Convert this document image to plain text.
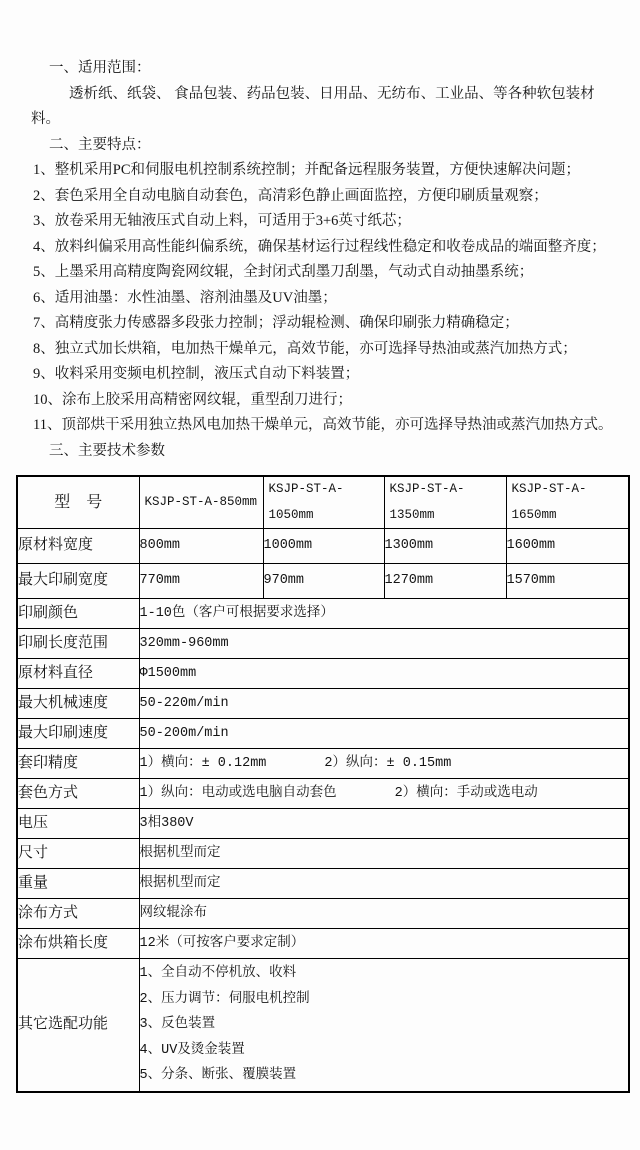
一、适用范围：

透析纸、纸袋、 食品包装、药品包装、日用品、无纺布、工业品、等各种软包装材料。

二、主要特点：
1、整机采用PC和伺服电机控制系统控制；并配备远程服务装置，方便快速解决问题；
2、套色采用全自动电脑自动套色，高清彩色静止画面监控，方便印刷质量观察；
3、放卷采用无轴液压式自动上料，可适用于3+6英寸纸芯；
4、放料纠偏采用高性能纠偏系统，确保基材运行过程线性稳定和收卷成品的端面整齐度；
5、上墨采用高精度陶瓷网纹辊，全封闭式刮墨刀刮墨，气动式自动抽墨系统；
6、适用油墨：水性油墨、溶剂油墨及UV油墨；
7、高精度张力传感器多段张力控制；浮动辊检测、确保印刷张力精确稳定；
8、独立式加长烘箱，电加热干燥单元，高效节能，亦可选择导热油或蒸汽加热方式；
9、收料采用变频电机控制，液压式自动下料装置；
10、涂布上胶采用高精密网纹辊，重型刮刀进行；
11、顶部烘干采用独立热风电加热干燥单元，高效节能，亦可选择导热油或蒸汽加热方式。
三、主要技术参数
型　号	KSJP-ST-A-850mm	KSJP-ST-A-1050mm	KSJP-ST-A-1350mm	KSJP-ST-A-1650mm
原材料宽度	800mm	1000mm	1300mm	1600mm
最大印刷宽度	770mm	970mm	1270mm	1570mm
印刷颜色	1-10色（客户可根据要求选择）			
印刷长度范围	320mm-960mm			
原材料直径	Φ1500mm			
最大机械速度	50-220m/min			
最大印刷速度	50-200m/min			
套印精度	1）横向：± 0.12mm 2）纵向：± 0.15mm			
套色方式	1）纵向：电动或选电脑自动套色 2）横向：手动或选电动			
电压	3相380V			
尺寸	根据机型而定			
重量	根据机型而定			
涂布方式	网纹辊涂布			
涂布烘箱长度	12米（可按客户要求定制）			
其它选配功能	1、全自动不停机放、收料
2、压力调节：伺服电机控制
3、反色装置
4、UV及烫金装置
5、分条、断张、覆膜装置			
